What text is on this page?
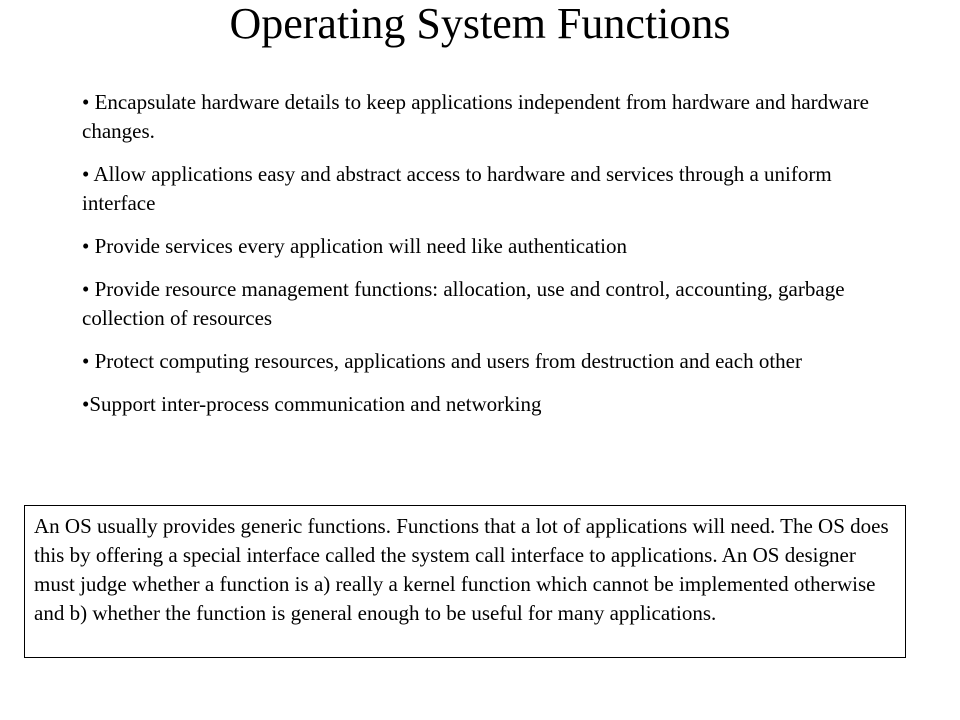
Operating System Functions
• Encapsulate hardware details to keep applications independent from hardware and hardware changes.
• Allow applications easy and abstract access to hardware and services through a uniform interface
• Provide services every application will need like authentication
• Provide resource management functions: allocation, use and control, accounting, garbage collection of resources
• Protect computing resources, applications and users from destruction and each other
•Support inter-process communication and networking
An OS usually provides generic functions. Functions that a lot of applications will need. The OS does this by offering a special interface called the system call interface to applications. An OS designer must judge whether a function is a) really a kernel function which cannot be implemented otherwise and b) whether the function is general enough to be useful for many applications.
